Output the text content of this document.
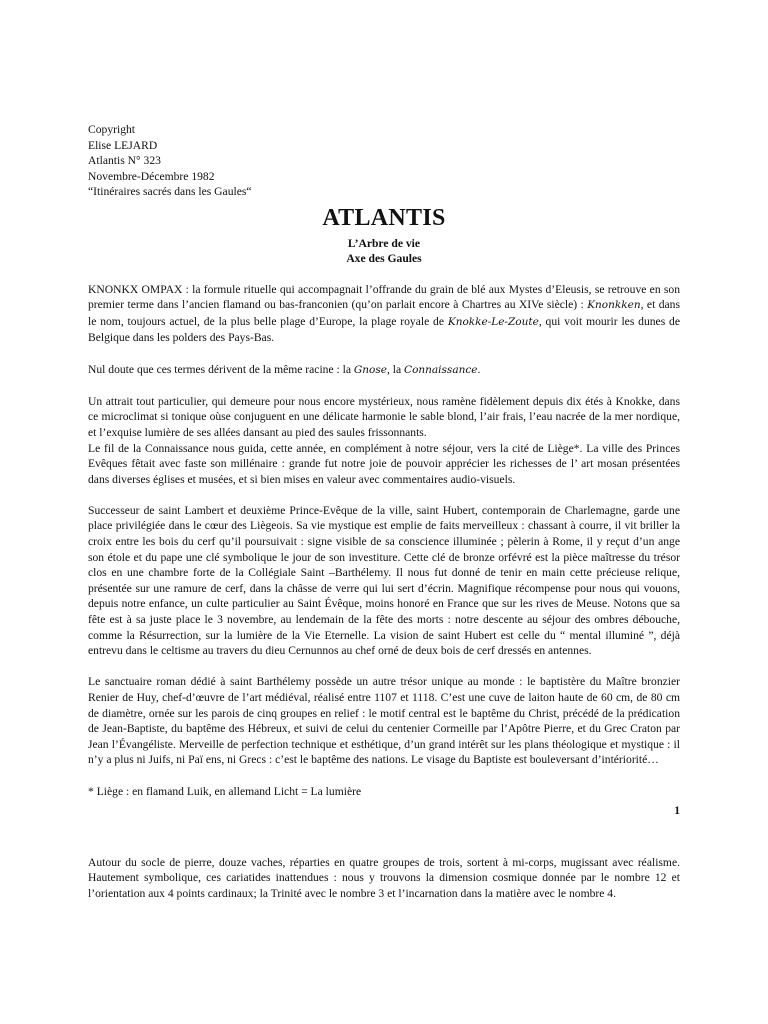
Copyright

Elise LEJARD

Atlantis N° 323

Novembre-Décembre 1982

“Itinéraires sacrés dans les Gaules“

ATLANTIS

L’Arbre de vie

Axe des Gaules

KNONKX OMPAX : la formule rituelle qui accompagnait l’offrande du grain de blé aux Mystes d’Eleusis, se retrouve en son premier terme dans l’ancien flamand ou bas-franconien (qu’on parlait encore à Chartres au XIVe siècle) : Knonkken, et dans le nom, toujours actuel, de la plus belle plage d’Europe, la plage royale de Knokke-Le-Zoute, qui voit mourir les dunes de Belgique dans les polders des Pays-Bas.

Nul doute que ces termes dérivent de la même racine : la Gnose, la Connaissance.

Un attrait tout particulier, qui demeure pour nous encore mystérieux, nous ramène fidèlement depuis dix étés à Knokke, dans ce microclimat si tonique oùse conjuguent en une délicate harmonie le sable blond, l’air frais, l’eau nacrée de la mer nordique, et l’exquise lumière de ses allées dansant au pied des saules frissonnants.

Le fil de la Connaissance nous guida, cette année, en complément à notre séjour, vers la cité de Liège*. La ville des Princes Evêques fêtait avec faste son millénaire : grande fut notre joie de pouvoir apprécier les richesses de l’ art mosan présentées dans diverses églises et musées, et si bien mises en valeur avec commentaires audio-visuels.

Successeur de saint Lambert et deuxième Prince-Evêque de la ville, saint Hubert, contemporain de Charlemagne, garde une place privilégiée dans le cœur des Liègeois. Sa vie mystique est emplie de faits merveilleux : chassant à courre, il vit briller la croix entre les bois du cerf qu’il poursuivait : signe visible de sa conscience illuminée ; pèlerin à Rome, il y reçut d’un ange son étole et du pape une clé symbolique le jour de son investiture. Cette clé de bronze orfévré est la pièce maîtresse du trésor clos en une chambre forte de la Collégiale Saint –Barthélemy. Il nous fut donné de tenir en main cette précieuse relique, présentée sur une ramure de cerf, dans la châsse de verre qui lui sert d’écrin. Magnifique récompense pour nous qui vouons, depuis notre enfance, un culte particulier au Saint Évêque, moins honoré en France que sur les rives de Meuse. Notons que sa fête est à sa juste place le 3 novembre, au lendemain de la fête des morts : notre descente au séjour des ombres débouche, comme la Résurrection, sur la lumière de la Vie Eternelle. La vision de saint Hubert est celle du “ mental illuminé ”, déjà entrevu dans le celtisme au travers du dieu Cernunnos au chef orné de deux bois de cerf dressés en antennes.

Le sanctuaire roman dédié à saint Barthélemy possède un autre trésor unique au monde : le baptistère du Maître bronzier Renier de Huy, chef-d’œuvre de l’art médiéval, réalisé entre 1107 et 1118. C’est une cuve de laiton haute de 60 cm, de 80 cm de diamètre, ornée sur les parois de cinq groupes en relief : le motif central est le baptême du Christ, précédé de la prédication de Jean-Baptiste, du baptême des Hébreux, et suivi de celui du centenier Cormeille par l’Apôtre Pierre, et du Grec Craton par Jean l’Évangéliste. Merveille de perfection technique et esthétique, d’un grand intérêt sur les plans théologique et mystique : il n’y a plus ni Juifs, ni Paï ens, ni Grecs : c’est le baptême des nations. Le visage du Baptiste est bouleversant d’intériorité…

* Liège : en flamand Luik, en allemand Licht = La lumière

1

Autour du socle de pierre, douze vaches, réparties en quatre groupes de trois, sortent à mi-corps, mugissant avec réalisme. Hautement symbolique, ces cariatides inattendues : nous y trouvons la dimension cosmique donnée par le nombre 12 et l’orientation aux 4 points cardinaux; la Trinité avec le nombre 3 et l’incarnation dans la matière avec le nombre 4.
